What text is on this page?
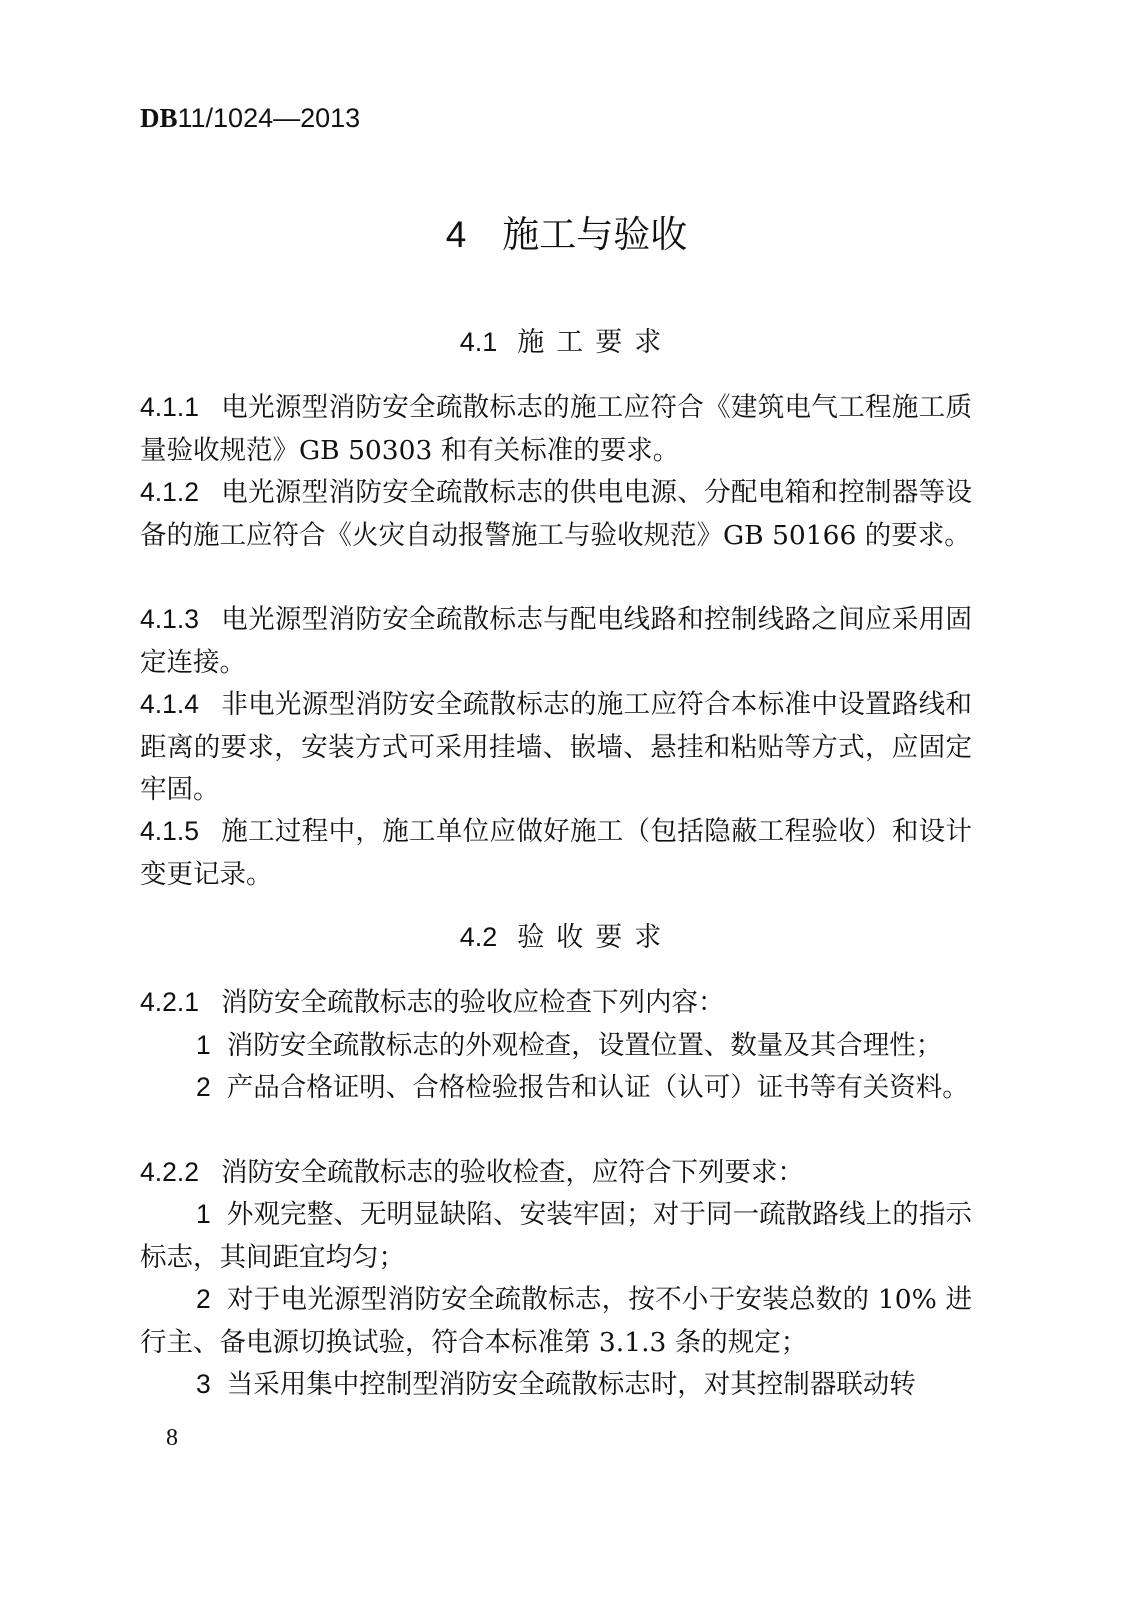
DB11/1024—2013
4 施工与验收
4.1 施工要求

4.1.1 电光源型消防安全疏散标志的施工应符合《建筑电气工程施工质量验收规范》GB 50303 和有关标准的要求。

4.1.2 电光源型消防安全疏散标志的供电电源、分配电箱和控制器等设备的施工应符合《火灾自动报警施工与验收规范》GB 50166 的要求。

4.1.3 电光源型消防安全疏散标志与配电线路和控制线路之间应采用固定连接。

4.1.4 非电光源型消防安全疏散标志的施工应符合本标准中设置路线和距离的要求，安装方式可采用挂墙、嵌墙、悬挂和粘贴等方式，应固定牢固。

4.1.5 施工过程中，施工单位应做好施工（包括隐蔽工程验收）和设计变更记录。

4.2 验收要求

4.2.1 消防安全疏散标志的验收应检查下列内容：

1 消防安全疏散标志的外观检查，设置位置、数量及其合理性；

2 产品合格证明、合格检验报告和认证（认可）证书等有关资料。

4.2.2 消防安全疏散标志的验收检查，应符合下列要求：

1 外观完整、无明显缺陷、安装牢固；对于同一疏散路线上的指示标志，其间距宜均匀；

2 对于电光源型消防安全疏散标志，按不小于安装总数的 10% 进行主、备电源切换试验，符合本标准第 3.1.3 条的规定；

3 当采用集中控制型消防安全疏散标志时，对其控制器联动转

8
